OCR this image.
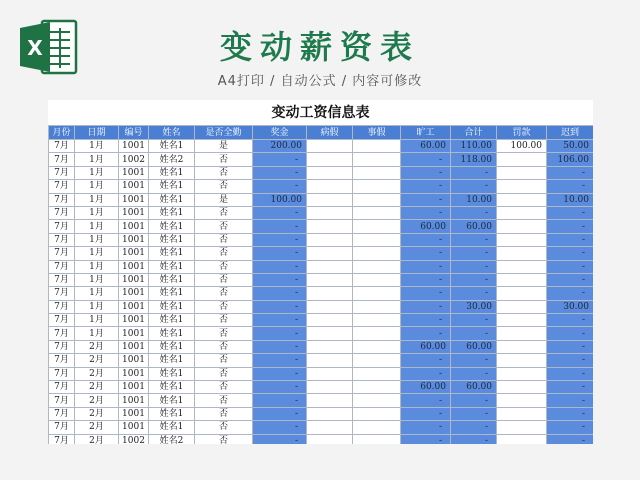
X	变动薪资表
A4打印 / 自动公式 / 内容可修改
变动工资信息表
月份	日期	编号	姓名	是否全勤	奖金	病假	事假	旷工	合计	罚款	迟到
7月	1月	1001	姓名1	是	200.00			60.00	110.00	100.00	50.00
7月	1月	1002	姓名2	否	-			-	118.00		106.00
7月	1月	1001	姓名1	否	-			-	-		-
7月	1月	1001	姓名1	否	-			-	-		-
7月	1月	1001	姓名1	是	100.00			-	10.00		10.00
7月	1月	1001	姓名1	否	-			-	-		-
7月	1月	1001	姓名1	否	-			60.00	60.00		-
7月	1月	1001	姓名1	否	-			-	-		-
7月	1月	1001	姓名1	否	-			-	-		-
7月	1月	1001	姓名1	否	-			-	-		-
7月	1月	1001	姓名1	否	-			-	-		-
7月	1月	1001	姓名1	否	-			-	-		-
7月	1月	1001	姓名1	否	-			-	30.00		30.00
7月	1月	1001	姓名1	否	-			-	-		-
7月	1月	1001	姓名1	否	-			-	-		-
7月	2月	1001	姓名1	否	-			60.00	60.00		-
7月	2月	1001	姓名1	否	-			-	-		-
7月	2月	1001	姓名1	否	-			-	-		-
7月	2月	1001	姓名1	否	-			60.00	60.00		-
7月	2月	1001	姓名1	否	-			-	-		-
7月	2月	1001	姓名1	否	-			-	-		-
7月	2月	1001	姓名1	否	-			-	-		-
7月	2月	1002	姓名2	否	-			-	-		-
